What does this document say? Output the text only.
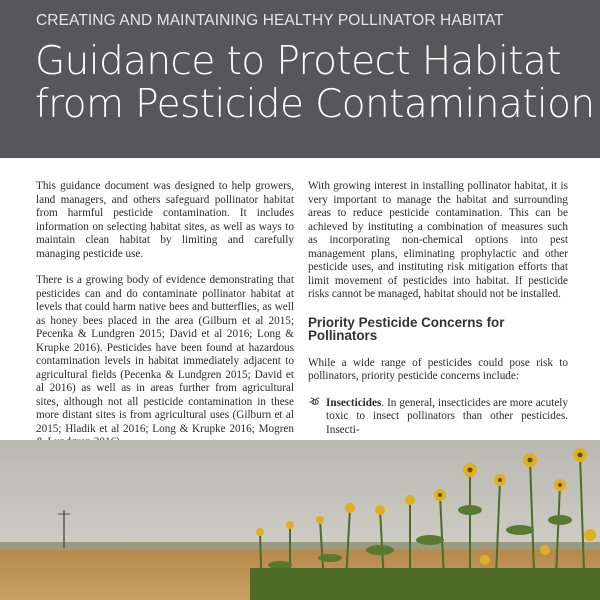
CREATING AND MAINTAINING HEALTHY POLLINATOR HABITAT

Guidance to Protect Habitat
from Pesticide Contamination

This guidance document was designed to help growers, land managers, and others safeguard pollinator habitat from harmful pesticide contamination. It includes information on selecting habitat sites, as well as ways to maintain clean habitat by limiting and carefully managing pesticide use.

There is a growing body of evidence demonstrating that pesticides can and do contaminate pollinator habitat at levels that could harm native bees and butterflies, as well as honey bees placed in the area (Gilburn et al 2015; Pecenka & Lundgren 2015; David et al 2016; Long & Krupke 2016). Pesticides have been found at hazardous contamination levels in habitat immediately adjacent to agricultural fields (Pecenka & Lundgren 2015; David et al 2016) as well as in areas further from agricultural sites, although not all pesticide contamination in these more distant sites is from agricultural uses (Gilburn et al 2015; Hladik et al 2016; Long & Krupke 2016; Mogren

With growing interest in installing pollinator habitat, it is very important to manage the habitat and surrounding areas to reduce pesticide contamination. This can be achieved by instituting a combination of measures such as incorporating non-chemical options into pest management plans, eliminating prophylactic and other pesticide uses, and instituting risk mitigation efforts that limit movement of pesticides into habitat. If pesticide risks cannot be managed, habitat should not be installed.

Priority Pesticide Concerns for Pollinators

While a wide range of pesticides could pose risk to pollinators, priority pesticide concerns include:

Insecticides. In general, insecticides are more acutely toxic to insect pollinators than other pesticides. Insecti-
